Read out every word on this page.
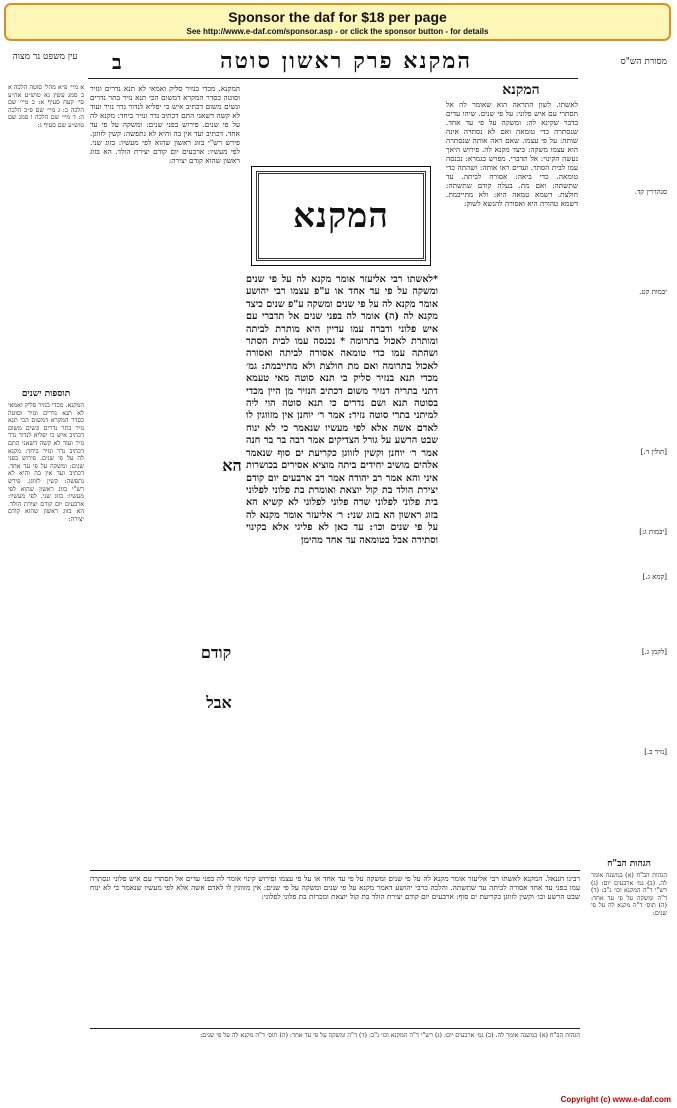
Sponsor the daf for $18 per page
See http://www.e-daf.com/sponsor.asp - or click the sponsor button - for details
עין משפט נר מצוה ב	המקנא פרק ראשון סוטה	מסורת הש"ס
א מיי׳ פ״א מהל׳ סוטה הלכה א ב סמג עשין נא טוש״ע אה״ע סי׳ קעח סעיף א: ב מיי׳ שם הלכה ב: ג מיי׳ שם פ״ב הלכה ה: ד מיי׳ שם הלכה ו סמג שם טוש״ע שם סעיף ג:
תוספות ישנים
המקנא. מכדי בנזיר סליק ואמאי לא תנא נדרים ונזיר וסוטה כסדר המקרא דמשום הכי תנא נזיר בתר נדרים ונשים משום דכתיב איש כי יפליא לנדור נדר נזיר ועוד לא קשה דשאני התם דכתיב נדר ונזיר ביחד: מקנא לה על פי שנים. פירוש בפני שנים: ומשקה על פי עד אחד. דכתיב ועד אין בה והיא לא נתפשה: קשין לזווגן. פירש רש"י בזוג ראשון שהוא לפי מעשיו: בזוג שני. לפי מעשיו: ארבעים יום קודם יצירת הולד. הא בזוג ראשון שהוא קודם יצירה:
המקנא. מכדי בנזיר סליק ואמאי לא תנא נדרים ונזיר וסוטה כסדר המקרא דמשום הכי תנא נזיר בתר נדרים ונשים משום דכתיב איש כי יפליא לנדור נדר נזיר ועוד לא קשה דשאני התם דכתיב נדר ונזיר ביחד: מקנא לה על פי שנים. פירוש בפני שנים: ומשקה על פי עד אחד. דכתיב ועד אין בה והיא לא נתפשה: קשין לזווגן. פירש רש"י בזוג ראשון שהוא לפי מעשיו: בזוג שני. לפי מעשיו: ארבעים יום קודם יצירת הולד. הא בזוג ראשון שהוא קודם יצירה:
המקנא
לאשתו. לשון התראה הוא שאומר לה אל תסתרי עם איש פלוני: על פי שנים. שיהו עדים בדבר שקינא לה: ומשקה על פי עד אחד. שנסתרה כדי טומאה ואם לא נסתרה אינה שותה: על פי עצמו. שאם ראה אותה שנסתרה הוא עצמו משקה: כיצד מקנא לה. פירוש היאך נעשה הקינוי: אל תדברי. מפרש בגמרא: נכנסה עמו לבית הסתר. ועדים ראו אותה: ושהתה כדי טומאה. כדי ביאה: אסורה לביתה. עד שתשתה: ואם מת. בעלה קודם שתשתה: חולצת. דשמא טמאה היא: ולא מתייבמת. דשמא טהורה היא ואסורה להנשא לשוק:
המקנא
*לאשתו רבי אליעזר אומר מקנא לה על פי שנים ומשקה על פי עד אחד או ע"פ עצמו רבי יהושע אומר מקנא לה על פי שנים ומשקה ע"פ שנים כיצד מקנא לה (ה) אומר לה בפני שנים אל תדברי עם איש פלוני ודברה עמו עדיין היא מותרת לביתה ומותרת לאכול בתרומה * נכנסה עמו לבית הסתר ושהתה עמו כדי טומאה אסורה לביתה ואסורה לאכול בתרומה ואם מת חולצת ולא מתייבמת: גמ׳ מכדי תנא בנזיר סליק כי תנא סוטה מאי טעמא דתני בתריה דנזיר משום דכתיב הנזיר מן היין מכדי בסוטה תנא ושם נדרים כי תנא סוטה הוי ליה למיתני בתרי סוטה נזיר: אמר ר׳ יוחנן אין מזווגין לו לאדם אשה אלא לפי מעשיו שנאמר כי לא ינוח שבט הרשע על גורל הצדיקים אמר רבה בר בר חנה אמר ר׳ יוחנן וקשין לזווגן כקריעת ים סוף שנאמר אלהים מושיב יחידים ביתה מוציא אסירים בכושרות איני והא אמר רב יהודה אמר רב ארבעים יום קודם יצירת הולד בת קול יוצאת ואומרת בת פלוני לפלוני בית פלוני לפלוני שדה פלוני לפלוני לא קשיא הא בזוג ראשון הא בזוג שני: ר׳ אליעזר אומר מקנא לה על פי שנים וכו׳: עד כאן לא פליגי אלא בקינוי וסתירה אבל בטומאה עד אחד מהימן
הא
קודם
אבל
סנהדרין קד.
יבמות קט.
[תולין ד.]
[יבמות ג:]
[קמא ג.]
[לקמן ג.]
[נזיר ב.]
הגהות הב"ח
הגהות הב"ח (א) במשנה אומר לה. (ב) גמ׳ ארבעים יום: (ג) רש"י ד"ה המקנא וכו׳ נ"ב: (ד) ד"ה ומשקה על פי עד אחד: (ה) תוס׳ ד"ה מקנא לה על פי שנים:
רבינו חננאל. המקנא לאשתו רבי אליעזר אומר מקנא לה על פי שנים ומשקה על פי עד אחד או על פי עצמו ופירוש קינוי אומר לה בפני עדים אל תסתרי עם איש פלוני ונסתרה עמו בפני עד אחד אסורה לביתה עד שתשתה. והלכה כרבי יהושע דאמר מקנא על פי שנים ומשקה על פי שנים: אין מזווגין לו לאדם אשה אלא לפי מעשיו שנאמר כי לא ינוח שבט הרשע וכו׳ וקשין לזווגן כקריעת ים סוף: ארבעים יום קודם יצירת הולד בת קול יוצאת ומכרזת בת פלוני לפלוני:
הגהות הב"ח (א) במשנה אומר לה. (ב) גמ׳ ארבעים יום: (ג) רש"י ד"ה המקנא וכו׳ נ"ב: (ד) ד"ה ומשקה על פי עד אחד: (ה) תוס׳ ד"ה מקנא לה על פי שנים:
Copyright (c) www.e-daf.com
